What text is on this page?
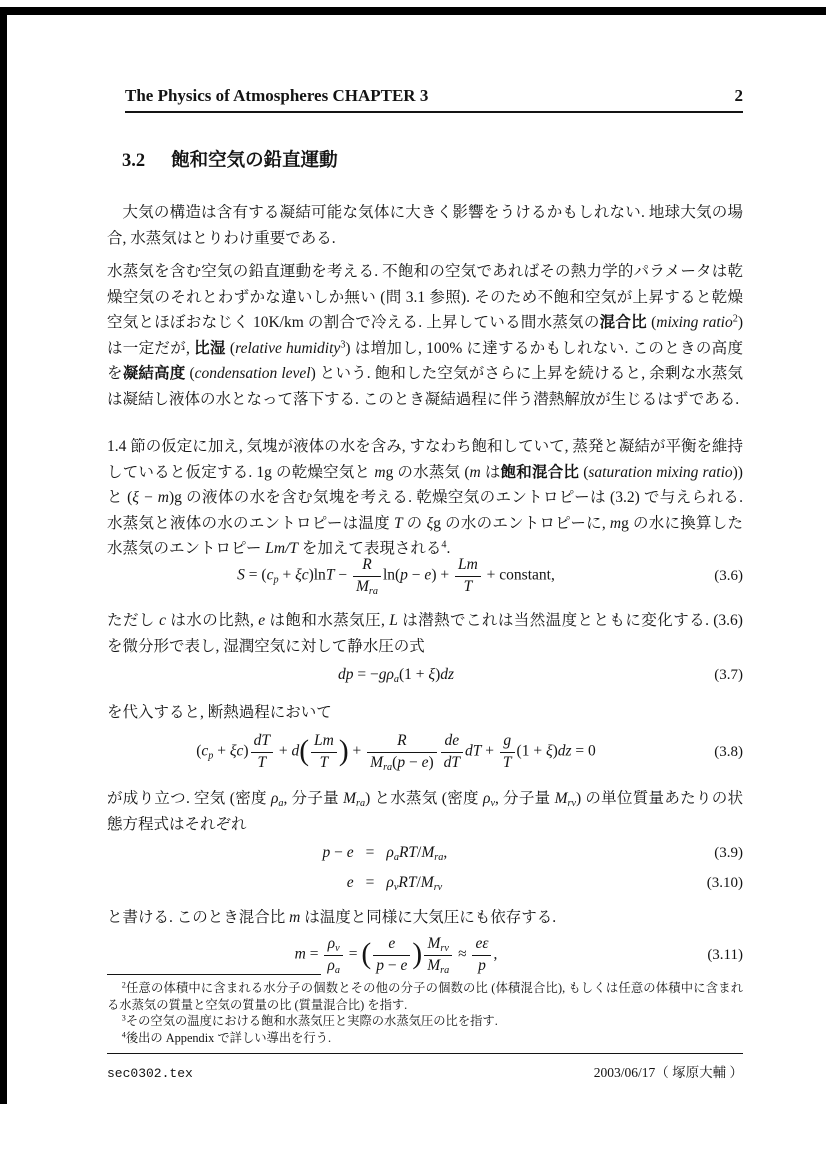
The Physics of Atmospheres CHAPTER 3	2
3.2 飽和空気の鉛直運動
大気の構造は含有する凝結可能な気体に大きく影響をうけるかもしれない. 地球大気の場合, 水蒸気はとりわけ重要である.
水蒸気を含む空気の鉛直運動を考える. 不飽和の空気であればその熱力学的パラメータは乾燥空気のそれとわずかな違いしか無い (問 3.1 参照). そのため不飽和空気が上昇すると乾燥空気とほぼおなじく 10K/km の割合で冷える. 上昇している間水蒸気の混合比 (mixing ratio$^2$) は一定だが, 比湿 (relative humidity$^3$) は増加し, 100% に達するかもしれない. このときの高度を凝結高度 (condensation level) という. 飽和した空気がさらに上昇を続けると, 余剰な水蒸気は凝結し液体の水となって落下する. このとき凝結過程に伴う潜熱解放が生じるはずである.
1.4 節の仮定に加え, 気塊が液体の水を含み, すなわち飽和していて, 蒸発と凝結が平衡を維持していると仮定する. 1g の乾燥空気と mg の水蒸気 (m は飽和混合比 (saturation mixing ratio)) と (ξ − m)g の液体の水を含む気塊を考える. 乾燥空気のエントロピーは (3.2) で与えられる. 水蒸気と液体の水のエントロピーは温度 T の ξg の水のエントロピーに, mg の水に換算した水蒸気のエントロピー Lm/T を加えて表現される$^4$.
$S = (cp + \xi c)\ln T - \frac{R}{\text{Mra}} \ln(p - e) + \frac{Lm}{T}$ + constant,	(3.6)
ただし c は水の比熱, e は飽和水蒸気圧, L は潜熱でこれは当然温度とともに変化する. (3.6) を微分形で表し, 湿潤空気に対して静水圧の式
dp = −gρa(1 + ξ)dz	(3.7)
を代入すると, 断熱過程において
$(cp + \xi c) \frac{dT}{T} + d( \frac{Lm}{T}$ ) + $\frac{R}{\text{Mra(p − e)}} \frac{de}{dT}$ dT + $\frac{g}{T} (1 + \xi)dz = 0$	(3.8)
が成り立つ. 空気 (密度 ρa, 分子量 Mra) と水蒸気 (密度 ρv, 分子量 Mrv) の単位質量あたりの状態方程式はそれぞれ
p − e = ρaRT/Mra,	(3.9)
e = ρvRT/Mrv	(3.10)
と書ける. このとき混合比 m は温度と同様に大気圧にも依存する.
$m = \frac{\rho v}{\rho a}$ = ( $\frac{e}{p - e}$ ) $\frac{\text{Mrv}}{\text{Mra}} \approx \frac{e\varepsilon}{p}$ ,	(3.11)
$^2$任意の体積中に含まれる水分子の個数とその他の分子の個数の比 (体積混合比), もしくは任意の体積中に含まれる水蒸気の質量と空気の質量の比 (質量混合比) を指す.
$^3$その空気の温度における飽和水蒸気圧と実際の水蒸気圧の比を指す.
$^4$後出の Appendix で詳しい導出を行う.
sec0302.tex	2003/06/17（ 塚原大輔 ）
